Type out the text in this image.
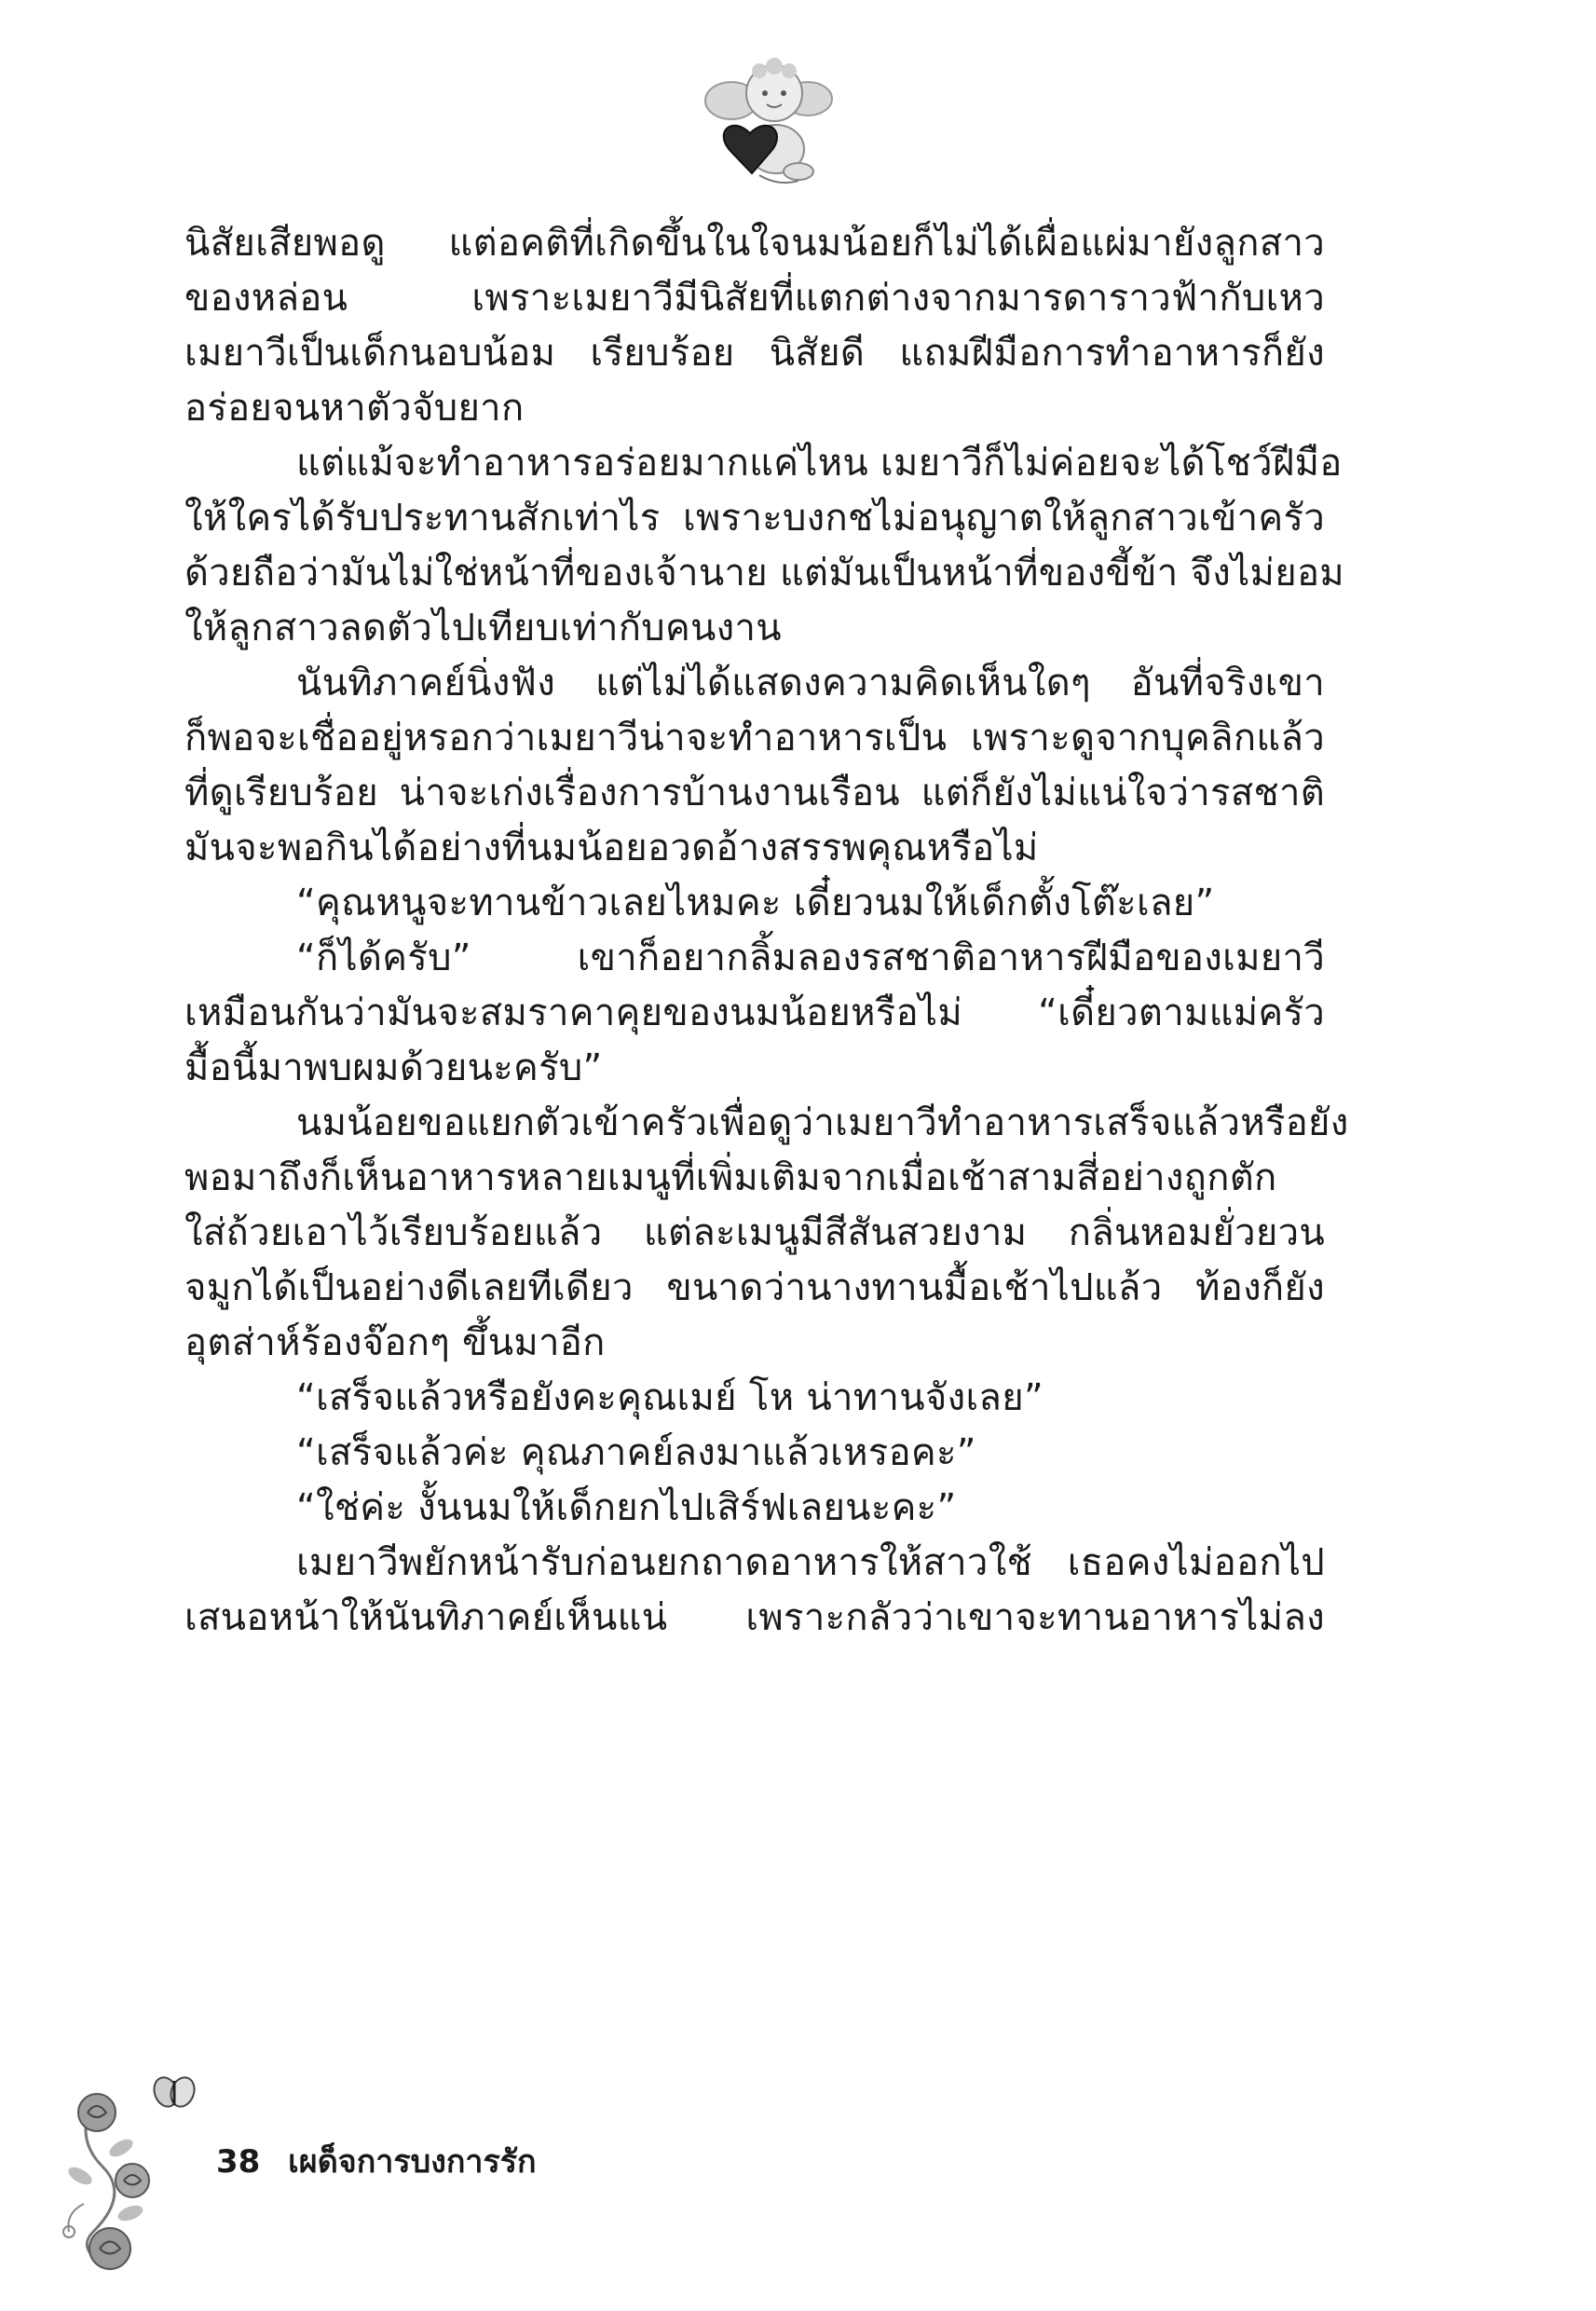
นิสัยเสียพอดู แต่อคติที่เกิดขึ้นในใจนมน้อยก็ไม่ได้เผื่อแผ่มายังลูกสาว
ของหล่อน เพราะเมยาวีมีนิสัยที่แตกต่างจากมารดาราวฟ้ากับเหว
เมยาวีเป็นเด็กนอบน้อม เรียบร้อย นิสัยดี แถมฝีมือการทำอาหารก็ยัง
อร่อยจนหาตัวจับยาก
แต่แม้จะทำอาหารอร่อยมากแค่ไหน เมยาวีก็ไม่ค่อยจะได้โชว์ฝีมือ
ให้ใครได้รับประทานสักเท่าไร เพราะบงกชไม่อนุญาตให้ลูกสาวเข้าครัว
ด้วยถือว่ามันไม่ใช่หน้าที่ของเจ้านาย แต่มันเป็นหน้าที่ของขี้ข้า จึงไม่ยอม
ให้ลูกสาวลดตัวไปเทียบเท่ากับคนงาน
นันทิภาคย์นิ่งฟัง แต่ไม่ได้แสดงความคิดเห็นใดๆ อันที่จริงเขา
ก็พอจะเชื่ออยู่หรอกว่าเมยาวีน่าจะทำอาหารเป็น เพราะดูจากบุคลิกแล้ว
ที่ดูเรียบร้อย น่าจะเก่งเรื่องการบ้านงานเรือน แต่ก็ยังไม่แน่ใจว่ารสชาติ
มันจะพอกินได้อย่างที่นมน้อยอวดอ้างสรรพคุณหรือไม่
“คุณหนูจะทานข้าวเลยไหมคะ เดี๋ยวนมให้เด็กตั้งโต๊ะเลย”
“ก็ได้ครับ” เขาก็อยากลิ้มลองรสชาติอาหารฝีมือของเมยาวี
เหมือนกันว่ามันจะสมราคาคุยของนมน้อยหรือไม่ “เดี๋ยวตามแม่ครัว
มื้อนี้มาพบผมด้วยนะครับ”
นมน้อยขอแยกตัวเข้าครัวเพื่อดูว่าเมยาวีทำอาหารเสร็จแล้วหรือยัง
พอมาถึงก็เห็นอาหารหลายเมนูที่เพิ่มเติมจากเมื่อเช้าสามสี่อย่างถูกตัก
ใส่ถ้วยเอาไว้เรียบร้อยแล้ว แต่ละเมนูมีสีสันสวยงาม กลิ่นหอมยั่วยวน
จมูกได้เป็นอย่างดีเลยทีเดียว ขนาดว่านางทานมื้อเช้าไปแล้ว ท้องก็ยัง
อุตส่าห์ร้องจ๊อกๆ ขึ้นมาอีก
“เสร็จแล้วหรือยังคะคุณเมย์ โห น่าทานจังเลย”
“เสร็จแล้วค่ะ คุณภาคย์ลงมาแล้วเหรอคะ”
“ใช่ค่ะ งั้นนมให้เด็กยกไปเสิร์ฟเลยนะคะ”
เมยาวีพยักหน้ารับก่อนยกถาดอาหารให้สาวใช้ เธอคงไม่ออกไป
เสนอหน้าให้นันทิภาคย์เห็นแน่ เพราะกลัวว่าเขาจะทานอาหารไม่ลง
38 เผด็จการบงการรัก
